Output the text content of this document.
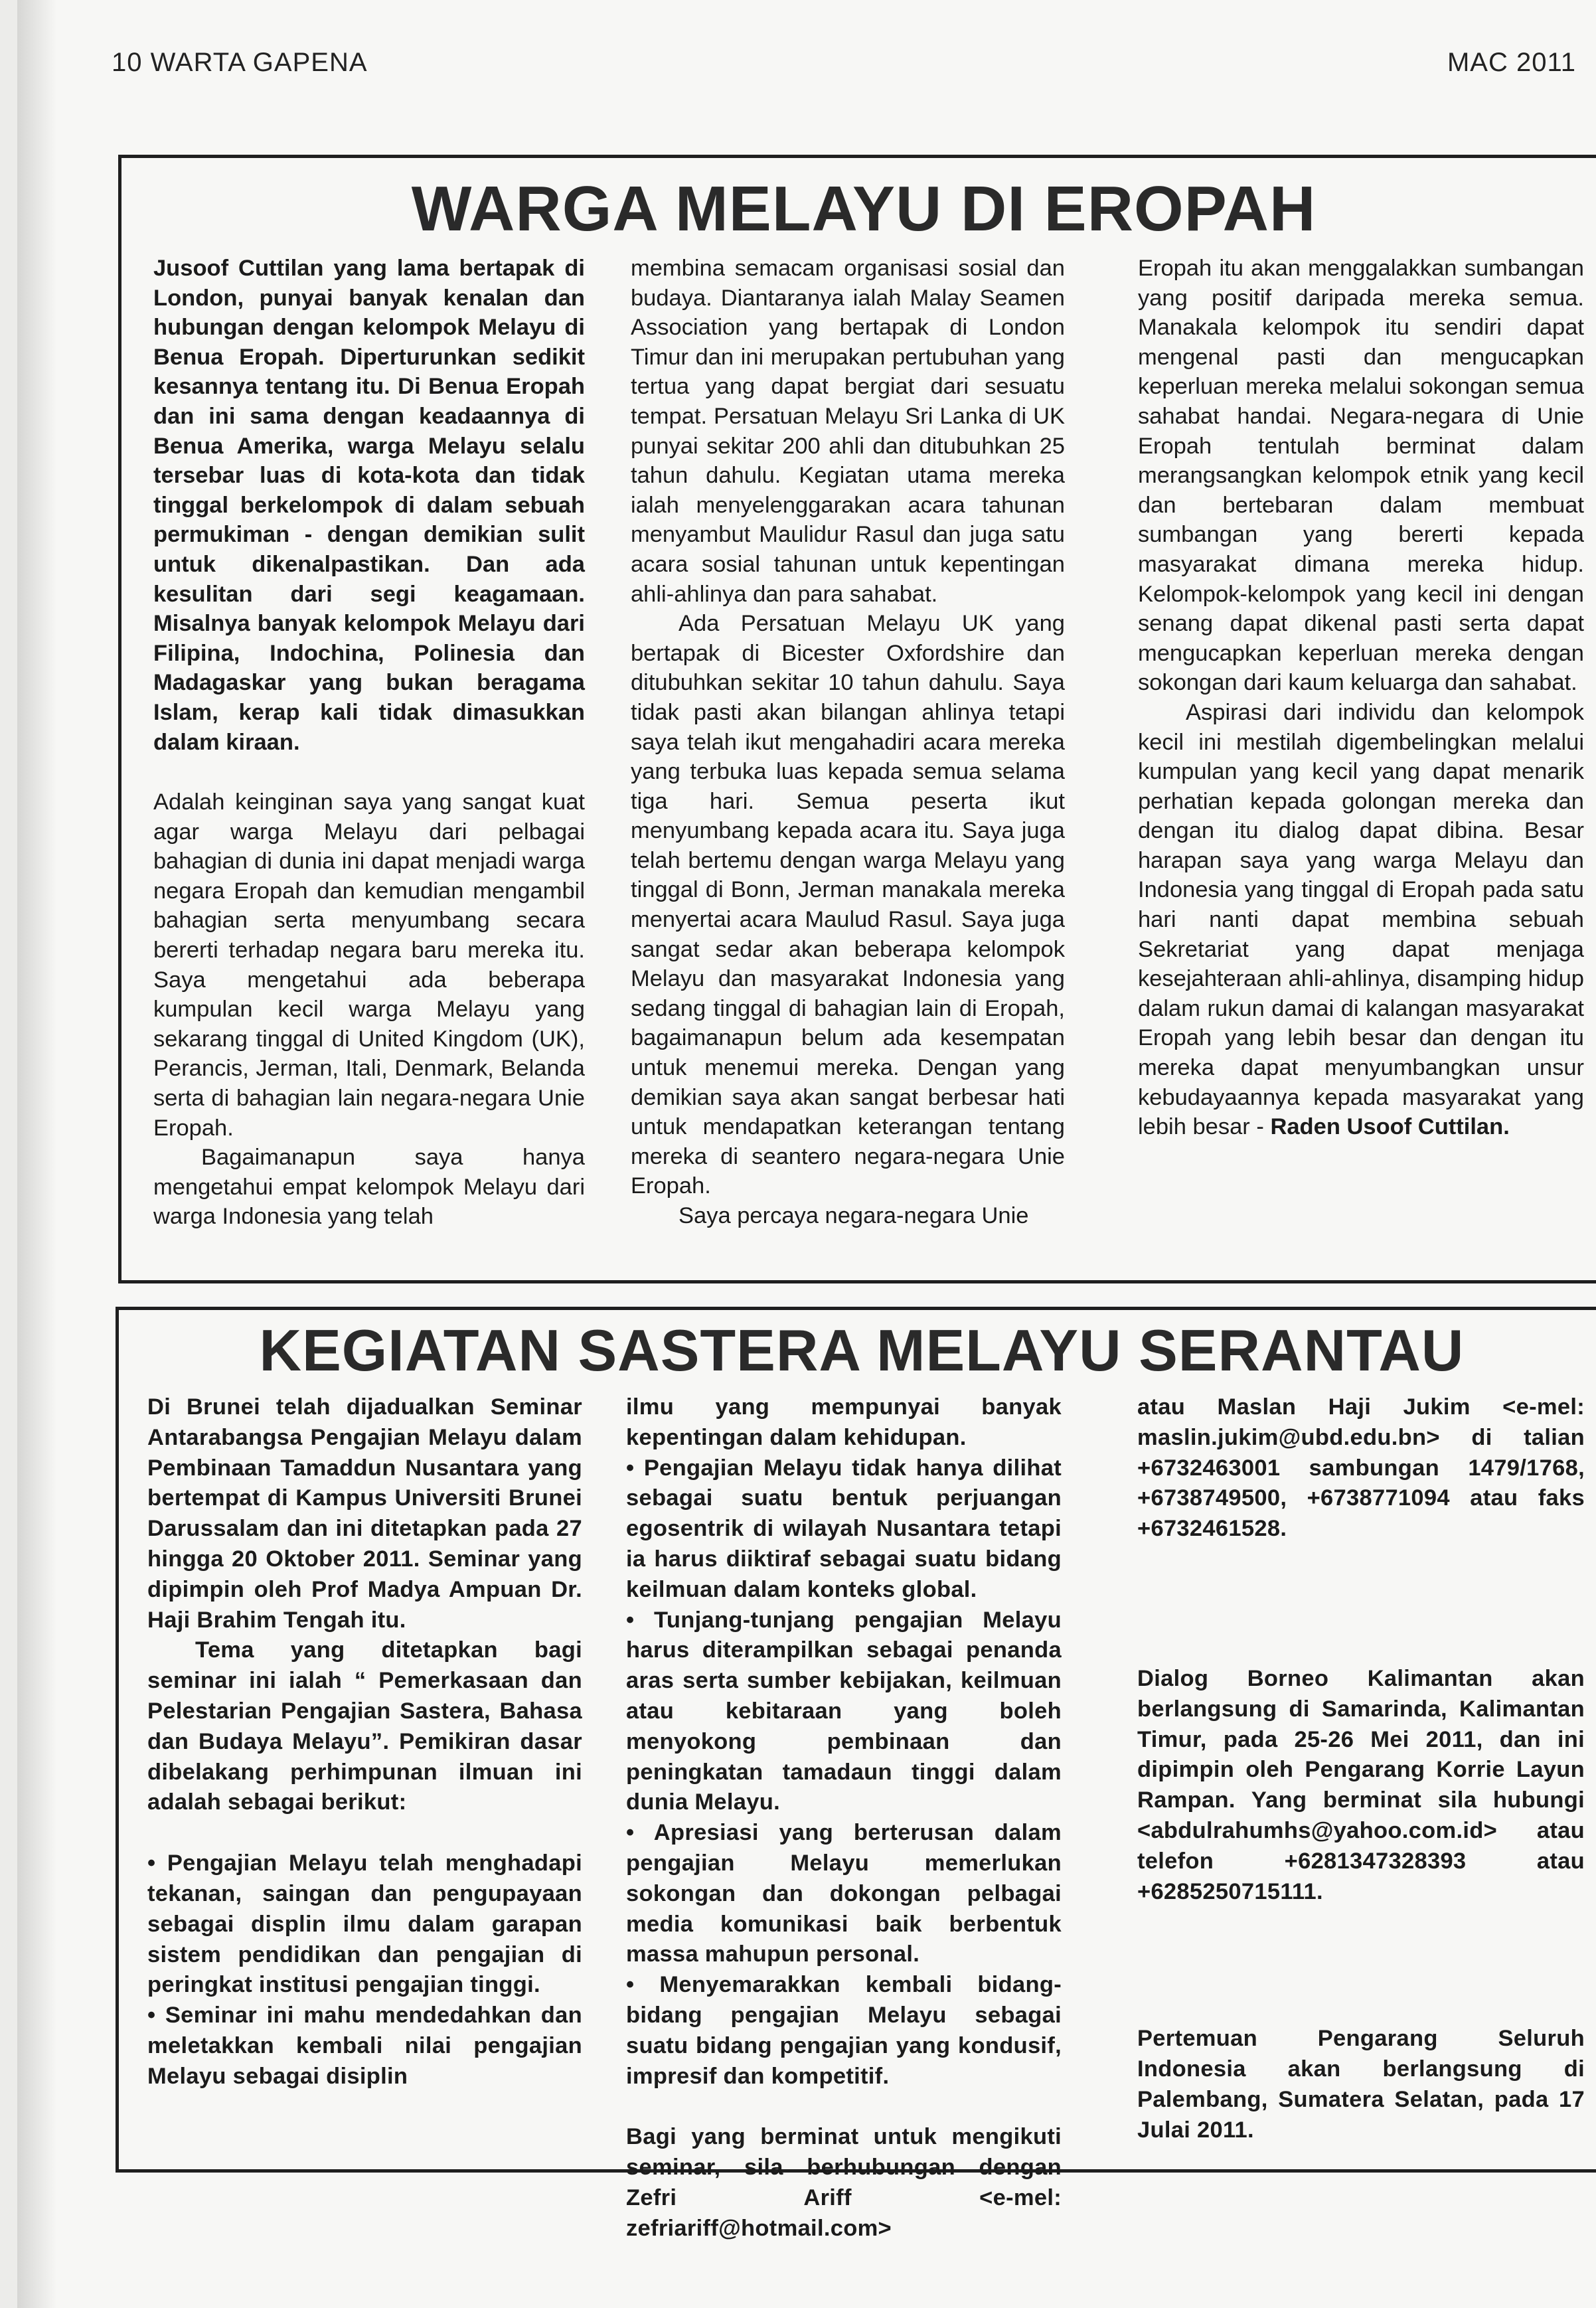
10 WARTA GAPENA	MAC 2011
WARGA MELAYU DI EROPAH

Jusoof Cuttilan yang lama bertapak di London, punyai banyak kenalan dan hubungan dengan kelompok Melayu di Benua Eropah. Diperturunkan sedikit kesannya tentang itu. Di Benua Eropah dan ini sama dengan keadaannya di Benua Amerika, warga Melayu selalu tersebar luas di kota-kota dan tidak tinggal berkelompok di dalam sebuah permukiman - dengan demikian sulit untuk dikenalpastikan. Dan ada kesulitan dari segi keagamaan. Misalnya banyak kelompok Melayu dari Filipina, Indochina, Polinesia dan Madagaskar yang bukan beragama Islam, kerap kali tidak dimasukkan dalam kiraan.

Adalah keinginan saya yang sangat kuat agar warga Melayu dari pelbagai bahagian di dunia ini dapat menjadi warga negara Eropah dan kemudian mengambil bahagian serta menyumbang secara bererti terhadap negara baru mereka itu. Saya mengetahui ada beberapa kumpulan kecil warga Melayu yang sekarang tinggal di United Kingdom (UK), Perancis, Jerman, Itali, Denmark, Belanda serta di bahagian lain negara-negara Unie Eropah.

Bagaimanapun saya hanya mengetahui empat kelompok Melayu dari warga Indonesia yang telah

membina semacam organisasi sosial dan budaya. Diantaranya ialah Malay Seamen Association yang bertapak di London Timur dan ini merupakan pertubuhan yang tertua yang dapat bergiat dari sesuatu tempat. Persatuan Melayu Sri Lanka di UK punyai sekitar 200 ahli dan ditubuhkan 25 tahun dahulu. Kegiatan utama mereka ialah menyelenggarakan acara tahunan menyambut Maulidur Rasul dan juga satu acara sosial tahunan untuk kepentingan ahli-ahlinya dan para sahabat.

Ada Persatuan Melayu UK yang bertapak di Bicester Oxfordshire dan ditubuhkan sekitar 10 tahun dahulu. Saya tidak pasti akan bilangan ahlinya tetapi saya telah ikut mengahadiri acara mereka yang terbuka luas kepada semua selama tiga hari. Semua peserta ikut menyumbang kepada acara itu. Saya juga telah bertemu dengan warga Melayu yang tinggal di Bonn, Jerman manakala mereka menyertai acara Maulud Rasul. Saya juga sangat sedar akan beberapa kelompok Melayu dan masyarakat Indonesia yang sedang tinggal di bahagian lain di Eropah, bagaimanapun belum ada kesempatan untuk menemui mereka. Dengan yang demikian saya akan sangat berbesar hati untuk mendapatkan keterangan tentang mereka di seantero negara-negara Unie Eropah.

Saya percaya negara-negara Unie

Eropah itu akan menggalakkan sumbangan yang positif daripada mereka semua. Manakala kelompok itu sendiri dapat mengenal pasti dan mengucapkan keperluan mereka melalui sokongan semua sahabat handai. Negara-negara di Unie Eropah tentulah berminat dalam merangsangkan kelompok etnik yang kecil dan bertebaran dalam membuat sumbangan yang bererti kepada masyarakat dimana mereka hidup. Kelompok-kelompok yang kecil ini dengan senang dapat dikenal pasti serta dapat mengucapkan keperluan mereka dengan sokongan dari kaum keluarga dan sahabat.

Aspirasi dari individu dan kelompok kecil ini mestilah digembelingkan melalui kumpulan yang kecil yang dapat menarik perhatian kepada golongan mereka dan dengan itu dialog dapat dibina. Besar harapan saya yang warga Melayu dan Indonesia yang tinggal di Eropah pada satu hari nanti dapat membina sebuah Sekretariat yang dapat menjaga kesejahteraan ahli-ahlinya, disamping hidup dalam rukun damai di kalangan masyarakat Eropah yang lebih besar dan dengan itu mereka dapat menyumbangkan unsur kebudayaannya kepada masyarakat yang lebih besar - Raden Usoof Cuttilan.

KEGIATAN SASTERA MELAYU SERANTAU

Di Brunei telah dijadualkan Seminar Antarabangsa Pengajian Melayu dalam Pembinaan Tamaddun Nusantara yang bertempat di Kampus Universiti Brunei Darussalam dan ini ditetapkan pada 27 hingga 20 Oktober 2011. Seminar yang dipimpin oleh Prof Madya Ampuan Dr. Haji Brahim Tengah itu.

Tema yang ditetapkan bagi seminar ini ialah “ Pemerkasaan dan Pelestarian Pengajian Sastera, Bahasa dan Budaya Melayu”. Pemikiran dasar dibelakang perhimpunan ilmuan ini adalah sebagai berikut:

• Pengajian Melayu telah menghadapi tekanan, saingan dan pengupayaan sebagai displin ilmu dalam garapan sistem pendidikan dan pengajian di peringkat institusi pengajian tinggi.

• Seminar ini mahu mendedahkan dan meletakkan kembali nilai pengajian Melayu sebagai disiplin

ilmu yang mempunyai banyak kepentingan dalam kehidupan.

• Pengajian Melayu tidak hanya dilihat sebagai suatu bentuk perjuangan egosentrik di wilayah Nusantara tetapi ia harus diiktiraf sebagai suatu bidang keilmuan dalam konteks global.

• Tunjang-tunjang pengajian Melayu harus diterampilkan sebagai penanda aras serta sumber kebijakan, keilmuan atau kebitaraan yang boleh menyokong pembinaan dan peningkatan tamadaun tinggi dalam dunia Melayu.

• Apresiasi yang berterusan dalam pengajian Melayu memerlukan sokongan dan dokongan pelbagai media komunikasi baik berbentuk massa mahupun personal.

• Menyemarakkan kembali bidang-bidang pengajian Melayu sebagai suatu bidang pengajian yang kondusif, impresif dan kompetitif.

Bagi yang berminat untuk mengikuti seminar, sila berhubungan dengan Zefri Ariff <e-mel: zefriariff@hotmail.com>

atau Maslan Haji Jukim <e-mel: maslin.jukim@ubd.edu.bn> di talian +6732463001 sambungan 1479/1768, +6738749500, +6738771094 atau faks +6732461528.

Dialog Borneo Kalimantan akan berlangsung di Samarinda, Kalimantan Timur, pada 25-26 Mei 2011, dan ini dipimpin oleh Pengarang Korrie Layun Rampan. Yang berminat sila hubungi <abdulrahumhs@yahoo.com.id> atau telefon +6281347328393 atau +6285250715111.

Pertemuan Pengarang Seluruh Indonesia akan berlangsung di Palembang, Sumatera Selatan, pada 17 Julai 2011.
